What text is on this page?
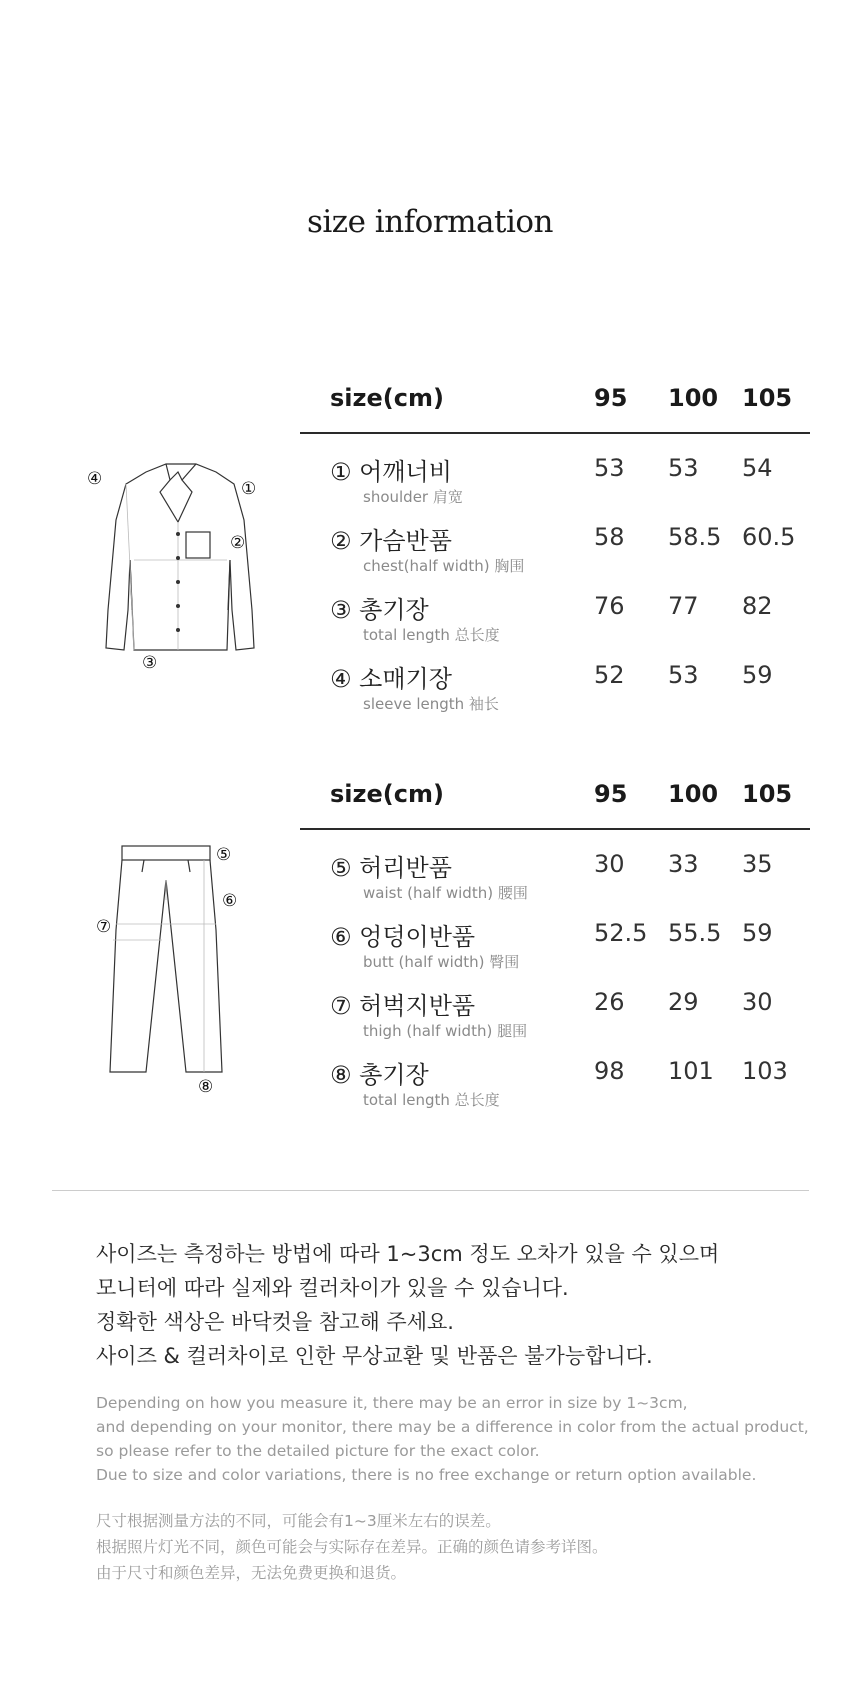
size information
④	①
②
③
size(cm)	95 100 105
① 어깨너비
shoulder 肩宽
53 53 54
② 가슴반품
chest(half width) 胸围
58 58.5 60.5
③ 총기장
total length 总长度
76 77 82
④ 소매기장
sleeve length 袖长
52 53 59
⑤
⑥
⑦
⑧
size(cm)	95 100 105
⑤ 허리반품
waist (half width) 腰围
30 33 35
⑥ 엉덩이반품
butt (half width) 臀围
52.5 55.5 59
⑦ 허벅지반품
thigh (half width) 腿围
26 29 30
⑧ 총기장
total length 总长度
98 101 103

사이즈는 측정하는 방법에 따라 1~3cm 정도 오차가 있을 수 있으며

모니터에 따라 실제와 컬러차이가 있을 수 있습니다.

정확한 색상은 바닥컷을 참고해 주세요.

사이즈 & 컬러차이로 인한 무상교환 및 반품은 불가능합니다.

Depending on how you measure it, there may be an error in size by 1~3cm,

and depending on your monitor, there may be a difference in color from the actual product,

so please refer to the detailed picture for the exact color.

Due to size and color variations, there is no free exchange or return option available.

尺寸根据测量方法的不同，可能会有1~3厘米左右的误差。

根据照片灯光不同，颜色可能会与实际存在差异。正确的颜色请参考详图。

由于尺寸和颜色差异，无法免费更换和退货。
